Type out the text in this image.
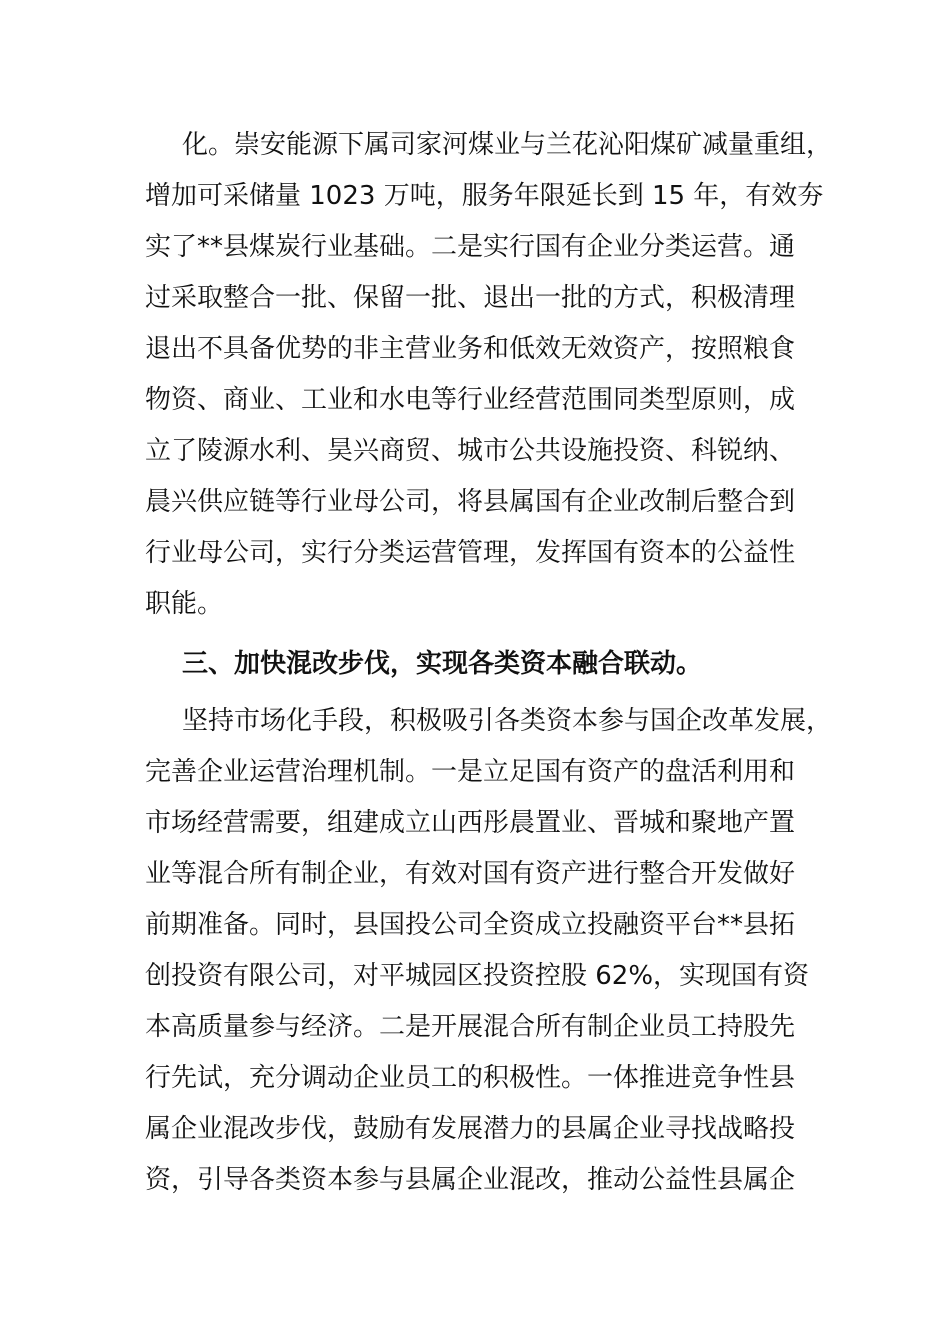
化。崇安能源下属司家河煤业与兰花沁阳煤矿减量重组，
增加可采储量 1023 万吨，服务年限延长到 15 年，有效夯
实了**县煤炭行业基础。二是实行国有企业分类运营。通
过采取整合一批、保留一批、退出一批的方式，积极清理
退出不具备优势的非主营业务和低效无效资产，按照粮食
物资、商业、工业和水电等行业经营范围同类型原则，成
立了陵源水利、昊兴商贸、城市公共设施投资、科锐纳、
晨兴供应链等行业母公司，将县属国有企业改制后整合到
行业母公司，实行分类运营管理，发挥国有资本的公益性
职能。
三、加快混改步伐，实现各类资本融合联动。
坚持市场化手段，积极吸引各类资本参与国企改革发展，
完善企业运营治理机制。一是立足国有资产的盘活利用和
市场经营需要，组建成立山西彤晨置业、晋城和聚地产置
业等混合所有制企业，有效对国有资产进行整合开发做好
前期准备。同时，县国投公司全资成立投融资平台**县拓
创投资有限公司，对平城园区投资控股 62%，实现国有资
本高质量参与经济。二是开展混合所有制企业员工持股先
行先试，充分调动企业员工的积极性。一体推进竞争性县
属企业混改步伐，鼓励有发展潜力的县属企业寻找战略投
资，引导各类资本参与县属企业混改，推动公益性县属企
